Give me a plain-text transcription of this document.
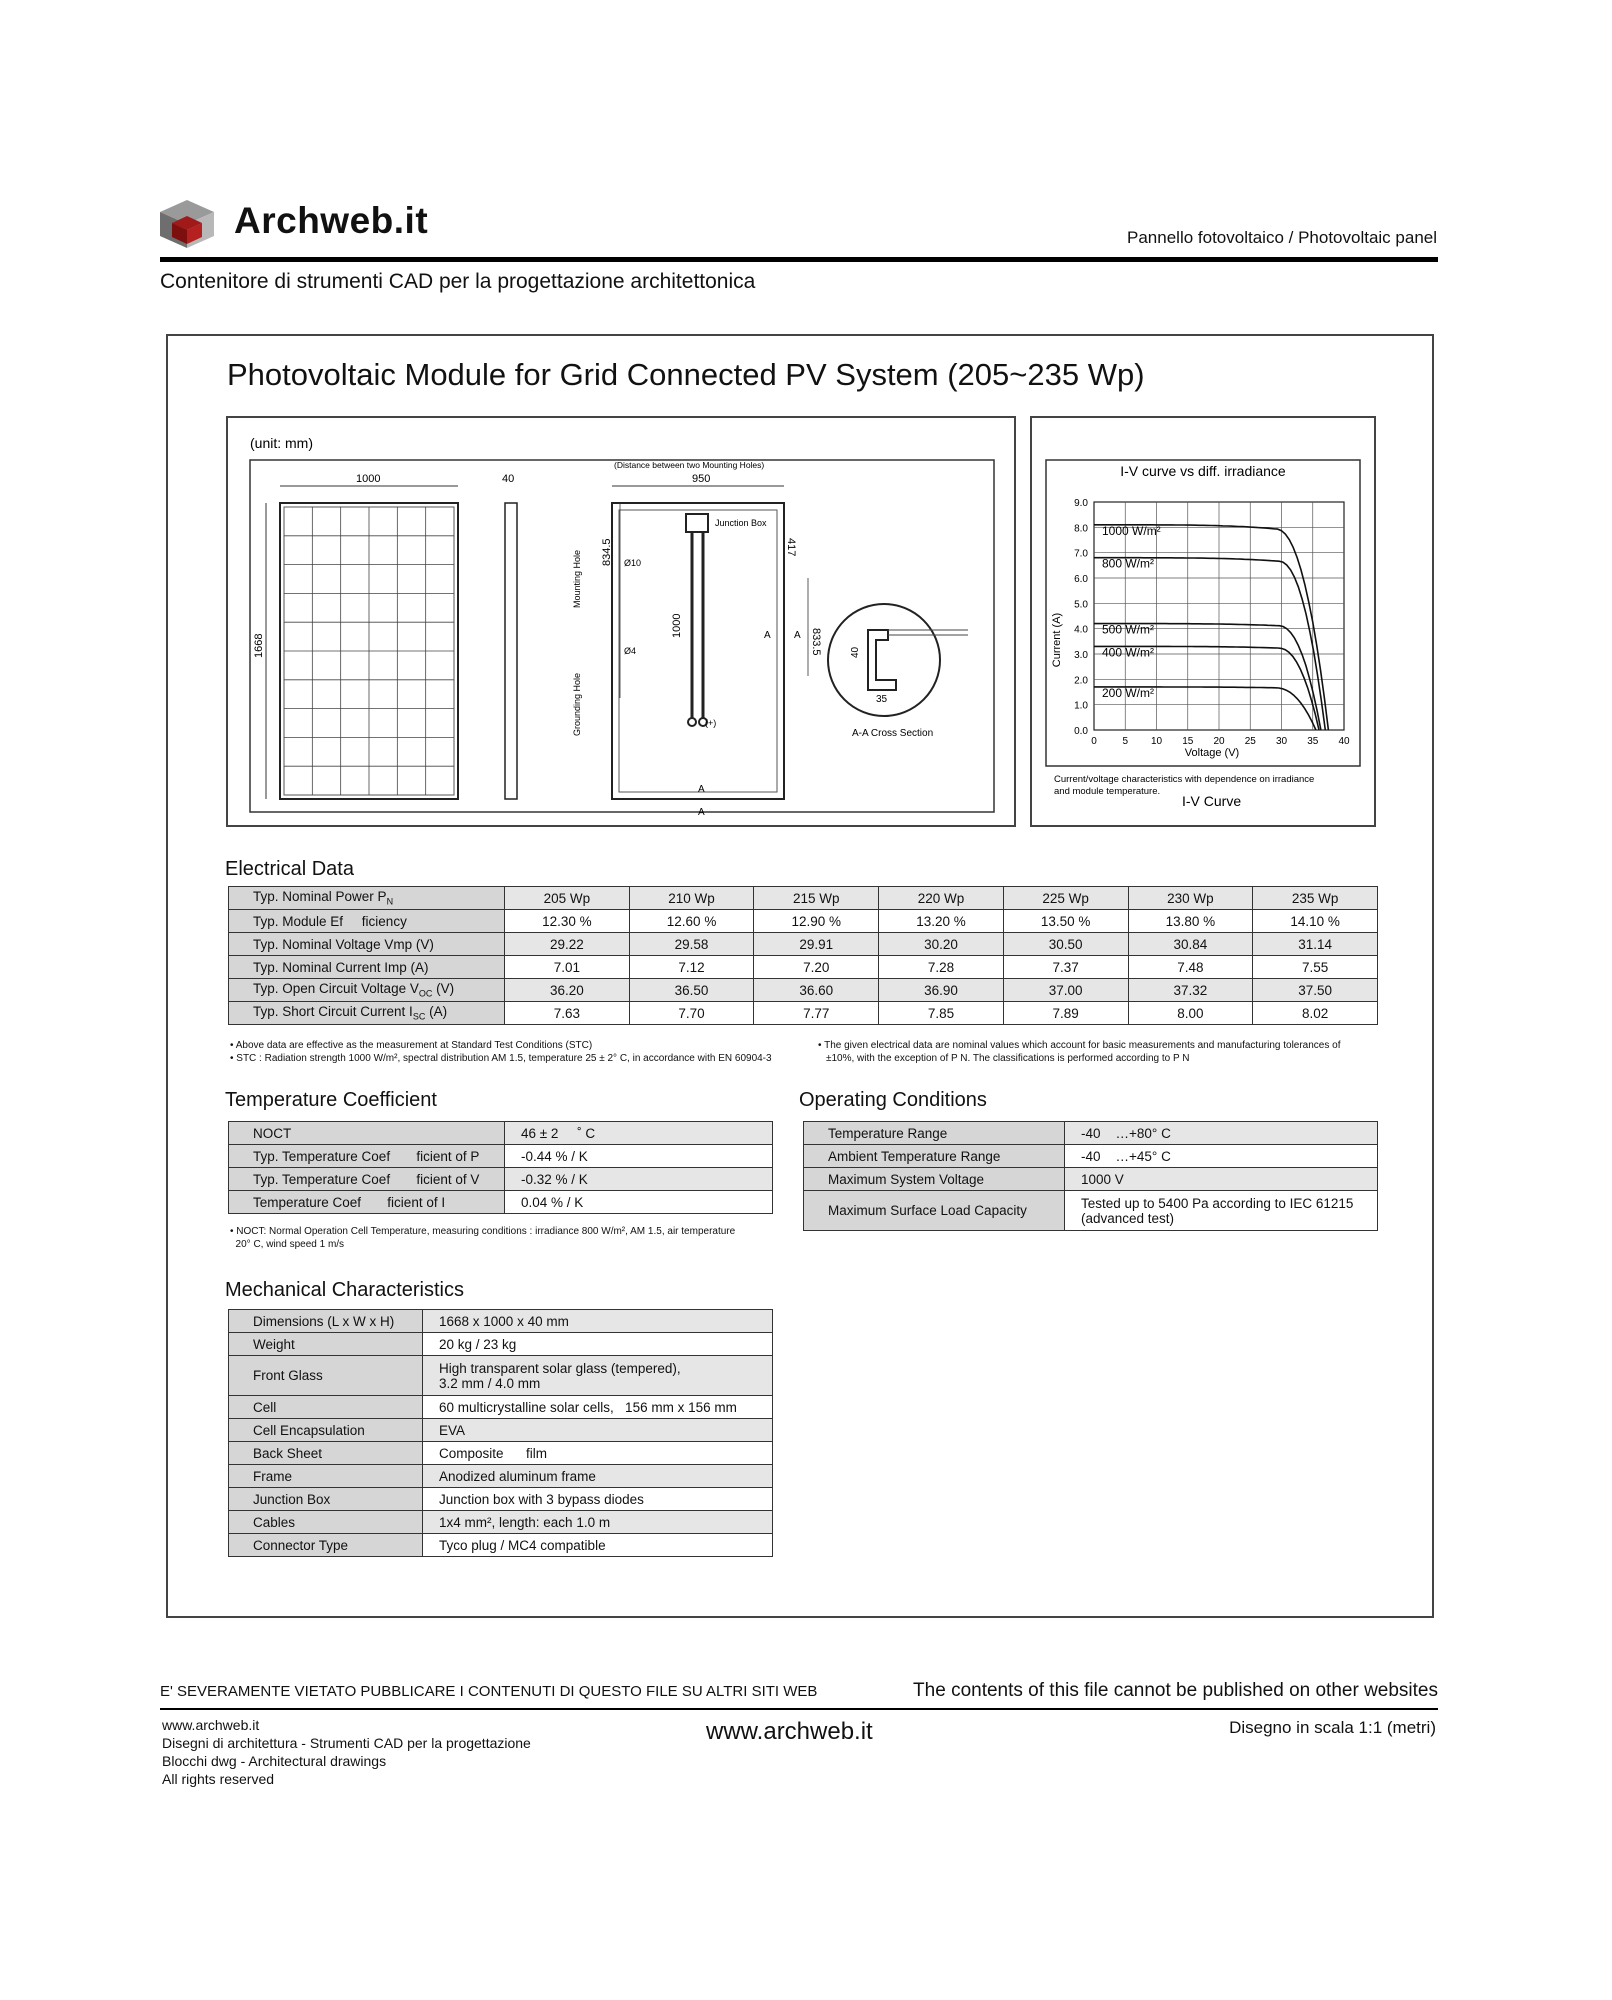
Archweb.it	Pannello fotovoltaico / Photovoltaic panel
Contenitore di strumenti CAD per la progettazione architettonica
Photovoltaic Module for Grid Connected PV System (205~235 Wp)
(unit: mm)
1000
1668
40
(Distance between two Mounting Holes)
950
Junction Box
(+)
1000
417
834.5
833.5
Ø10
Ø4
Mounting Hole
Grounding Hole
A A
A
A
40
35
A-A Cross Section
I-V curve vs diff. irradiance
0	5 10 15 20 25 30 35 40
0.0
1.0
2.0
3.0
4.0
5.0
6.0
7.0
8.0
9.0
1000 W/m²
800 W/m²
500 W/m²
400 W/m²
200 W/m²
Current (A)
Voltage (V)
Current/voltage characteristics with dependence on irradiance
and module temperature.
I-V Curve
Electrical Data
Typ. Nominal Power $P_N$	205 Wp	210 Wp	215 Wp	220 Wp	225 Wp	230 Wp	235 Wp
Typ. Module Ef     ficiency	12.30 %	12.60 %	12.90 %	13.20 %	13.50 %	13.80 %	14.10 %
Typ. Nominal Voltage Vmp (V)	29.22	29.58	29.91	30.20	30.50	30.84	31.14
Typ. Nominal Current Imp (A)	7.01	7.12	7.20	7.28	7.37	7.48	7.55
Typ. Open Circuit Voltage $V_{OC}$ (V)	36.20	36.50	36.60	36.90	37.00	37.32	37.50
Typ. Short Circuit Current $I_{SC}$ (A)	7.63	7.70	7.77	7.85	7.89	8.00	8.02
• Above data are effective as the measurement at Standard Test Conditions (STC)
• STC : Radiation strength 1000 W/m², spectral distribution AM 1.5, temperature 25 ± 2° C, in accordance with EN 60904-3
• The given electrical data are nominal values which account for basic measurements and manufacturing tolerances of
±10%, with the exception of P N. The classifications is performed according to P N
Temperature Coefficient
NOCT	46 ± 2     ˚ C

Typ. Temperature Coef       ficient of P	-0.44 % / K

Typ. Temperature Coef       ficient of V	-0.32 % / K

Temperature Coef       ficient of I	0.04 % / K
• NOCT: Normal Operation Cell Temperature, measuring conditions : irradiance 800 W/m², AM 1.5, air temperature
20° C, wind speed 1 m/s
Operating Conditions
Temperature Range	-40    …+80° C

Ambient Temperature Range	-40    …+45° C

Maximum System Voltage	1000 V

Maximum Surface Load Capacity	Tested up to 5400 Pa according to IEC 61215
(advanced test)
Mechanical Characteristics
Dimensions (L x W x H)	1668 x 1000 x 40 mm

Weight	20 kg / 23 kg

Front Glass	High transparent solar glass (tempered),
3.2 mm / 4.0 mm

Cell	60 multicrystalline solar cells,   156 mm x 156 mm

Cell Encapsulation	EVA

Back Sheet	Composite      film

Frame	Anodized aluminum frame

Junction Box	Junction box with 3 bypass diodes

Cables	1x4 mm², length: each 1.0 m

Connector Type	Tyco plug / MC4 compatible
E' SEVERAMENTE VIETATO PUBBLICARE I CONTENUTI DI QUESTO FILE SU ALTRI SITI WEB	The contents of this file cannot be published on other websites
www.archweb.it
Disegni di architettura - Strumenti CAD per la progettazione
Blocchi dwg - Architectural drawings
All rights reserved
www.archweb.it	Disegno in scala 1:1 (metri)
